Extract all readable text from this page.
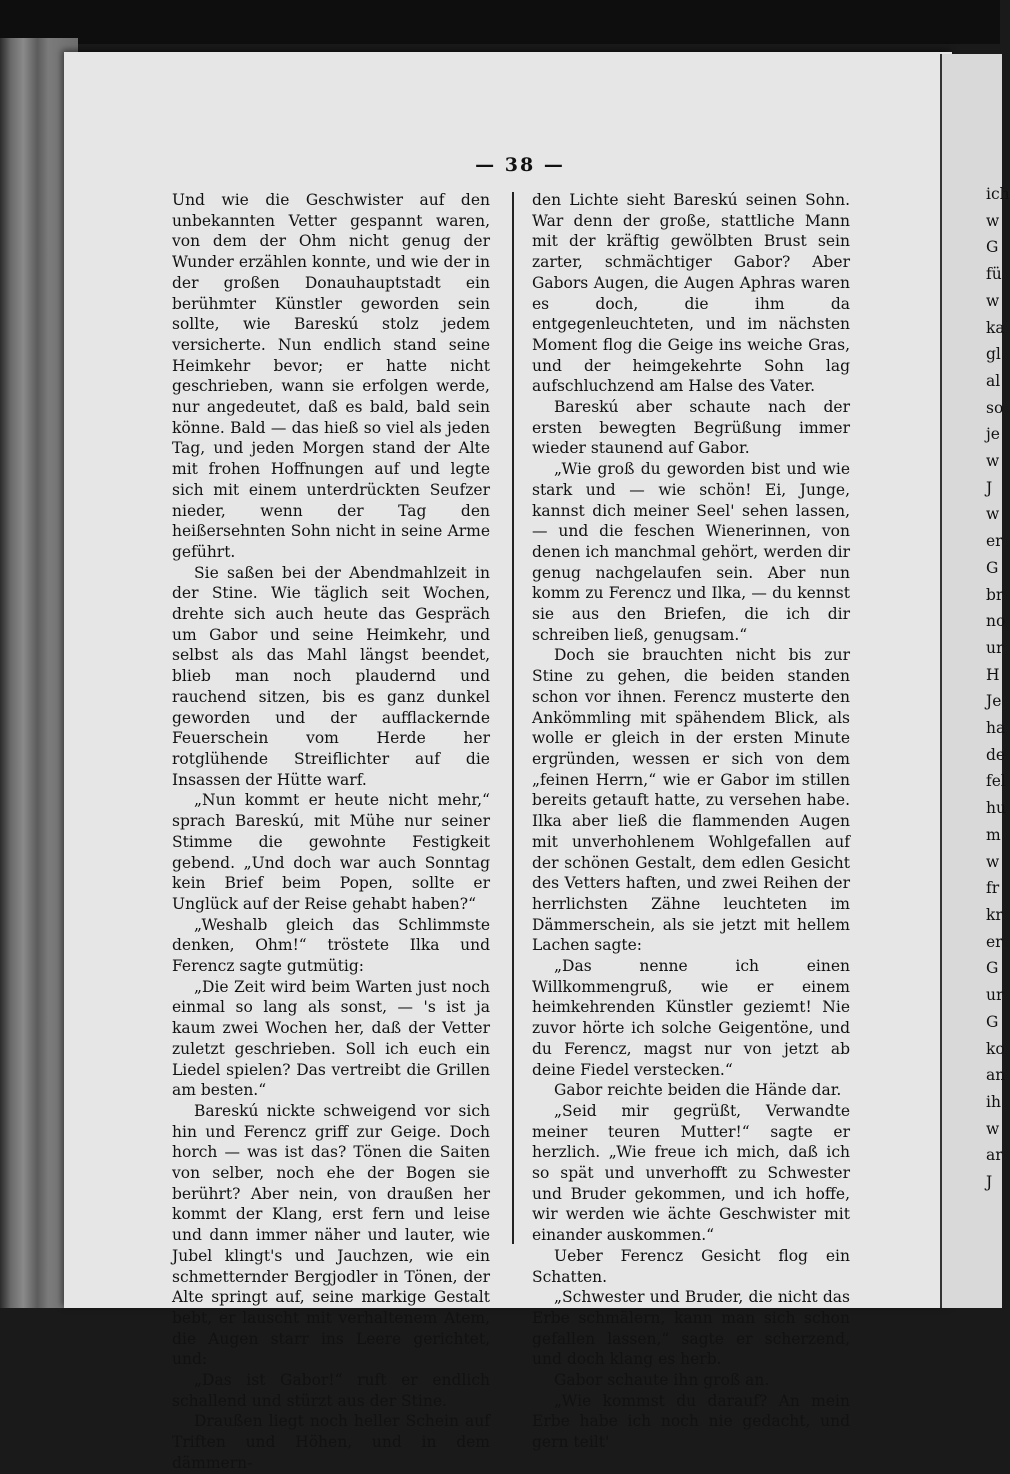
ich
w
G
fü
w
ka
gl
al
so
je
w
J
w
er
G
br
no
ur
H
Je
ha
de
fel
hu
m
w
fr
kr
er
G
ur
G
ko
an
ih
w
ar
J
— 38 —

Und wie die Geschwister auf den unbekannten Vetter gespannt waren, von dem der Ohm nicht genug der Wunder erzählen konnte, und wie der in der großen Donauhauptstadt ein berühmter Künstler geworden sein sollte, wie Bareskú stolz jedem versicherte. Nun endlich stand seine Heimkehr bevor; er hatte nicht geschrieben, wann sie erfolgen werde, nur angedeutet, daß es bald, bald sein könne. Bald — das hieß so viel als jeden Tag, und jeden Morgen stand der Alte mit frohen Hoffnungen auf und legte sich mit einem unterdrückten Seufzer nieder, wenn der Tag den heißersehnten Sohn nicht in seine Arme geführt.

Sie saßen bei der Abendmahlzeit in der Stine. Wie täglich seit Wochen, drehte sich auch heute das Gespräch um Gabor und seine Heimkehr, und selbst als das Mahl längst beendet, blieb man noch plaudernd und rauchend sitzen, bis es ganz dunkel geworden und der aufflackernde Feuerschein vom Herde her rotglühende Streiflichter auf die Insassen der Hütte warf.

„Nun kommt er heute nicht mehr,“ sprach Bareskú, mit Mühe nur seiner Stimme die gewohnte Festigkeit gebend. „Und doch war auch Sonntag kein Brief beim Popen, sollte er Unglück auf der Reise gehabt haben?“

„Weshalb gleich das Schlimmste denken, Ohm!“ tröstete Ilka und Ferencz sagte gutmütig:

„Die Zeit wird beim Warten just noch einmal so lang als sonst, — 's ist ja kaum zwei Wochen her, daß der Vetter zuletzt geschrieben. Soll ich euch ein Liedel spielen? Das vertreibt die Grillen am besten.“

Bareskú nickte schweigend vor sich hin und Ferencz griff zur Geige. Doch horch — was ist das? Tönen die Saiten von selber, noch ehe der Bogen sie berührt? Aber nein, von draußen her kommt der Klang, erst fern und leise und dann immer näher und lauter, wie Jubel klingt's und Jauchzen, wie ein schmetternder Bergjodler in Tönen, der Alte springt auf, seine markige Gestalt bebt, er lauscht mit verhaltenem Atem, die Augen starr ins Leere gerichtet, und:

„Das ist Gabor!“ ruft er endlich schallend und stürzt aus der Stine.

Draußen liegt noch heller Schein auf Triften und Höhen, und in dem dämmern-

den Lichte sieht Bareskú seinen Sohn. War denn der große, stattliche Mann mit der kräftig gewölbten Brust sein zarter, schmächtiger Gabor? Aber Gabors Augen, die Augen Aphras waren es doch, die ihm da entgegenleuchteten, und im nächsten Moment flog die Geige ins weiche Gras, und der heimgekehrte Sohn lag aufschluchzend am Halse des Vater.

Bareskú aber schaute nach der ersten bewegten Begrüßung immer wieder staunend auf Gabor.

„Wie groß du geworden bist und wie stark und — wie schön! Ei, Junge, kannst dich meiner Seel' sehen lassen, — und die feschen Wienerinnen, von denen ich manchmal gehört, werden dir genug nachgelaufen sein. Aber nun komm zu Ferencz und Ilka, — du kennst sie aus den Briefen, die ich dir schreiben ließ, genugsam.“

Doch sie brauchten nicht bis zur Stine zu gehen, die beiden standen schon vor ihnen. Ferencz musterte den Ankömmling mit spähendem Blick, als wolle er gleich in der ersten Minute ergründen, wessen er sich von dem „feinen Herrn,“ wie er Gabor im stillen bereits getauft hatte, zu versehen habe. Ilka aber ließ die flammenden Augen mit unverhohlenem Wohlgefallen auf der schönen Gestalt, dem edlen Gesicht des Vetters haften, und zwei Reihen der herrlichsten Zähne leuchteten im Dämmerschein, als sie jetzt mit hellem Lachen sagte:

„Das nenne ich einen Willkommengruß, wie er einem heimkehrenden Künstler geziemt! Nie zuvor hörte ich solche Geigentöne, und du Ferencz, magst nur von jetzt ab deine Fiedel verstecken.“

Gabor reichte beiden die Hände dar.

„Seid mir gegrüßt, Verwandte meiner teuren Mutter!“ sagte er herzlich. „Wie freue ich mich, daß ich so spät und unverhofft zu Schwester und Bruder gekommen, und ich hoffe, wir werden wie ächte Geschwister mit einander auskommen.“

Ueber Ferencz Gesicht flog ein Schatten.

„Schwester und Bruder, die nicht das Erbe schmälern, kann man sich schon gefallen lassen,“ sagte er scherzend, und doch klang es herb.

Gabor schaute ihn groß an.

„Wie kommst du darauf? An mein Erbe habe ich noch nie gedacht, und gern teilt'
